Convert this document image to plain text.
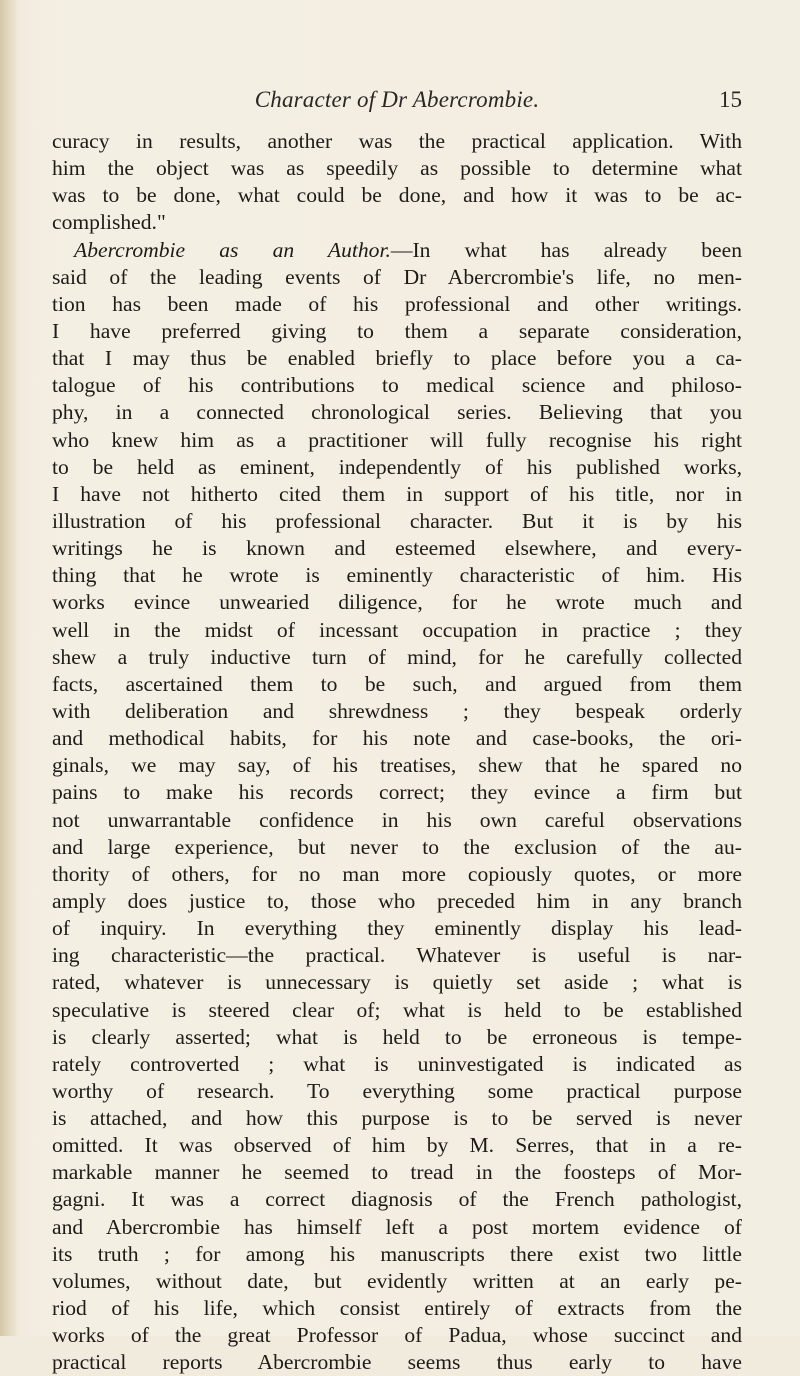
Character of Dr Abercrombie.	15
curacy in results, another was the practical application. With
him the object was as speedily as possible to determine what
was to be done, what could be done, and how it was to be ac-
complished."
Abercrombie as an Author.—In what has already been
said of the leading events of Dr Abercrombie's life, no men-
tion has been made of his professional and other writings.
I have preferred giving to them a separate consideration,
that I may thus be enabled briefly to place before you a ca-
talogue of his contributions to medical science and philoso-
phy, in a connected chronological series. Believing that you
who knew him as a practitioner will fully recognise his right
to be held as eminent, independently of his published works,
I have not hitherto cited them in support of his title, nor in
illustration of his professional character. But it is by his
writings he is known and esteemed elsewhere, and every-
thing that he wrote is eminently characteristic of him. His
works evince unwearied diligence, for he wrote much and
well in the midst of incessant occupation in practice ; they
shew a truly inductive turn of mind, for he carefully collected
facts, ascertained them to be such, and argued from them
with deliberation and shrewdness ; they bespeak orderly
and methodical habits, for his note and case-books, the ori-
ginals, we may say, of his treatises, shew that he spared no
pains to make his records correct; they evince a firm but
not unwarrantable confidence in his own careful observations
and large experience, but never to the exclusion of the au-
thority of others, for no man more copiously quotes, or more
amply does justice to, those who preceded him in any branch
of inquiry. In everything they eminently display his lead-
ing characteristic—the practical. Whatever is useful is nar-
rated, whatever is unnecessary is quietly set aside ; what is
speculative is steered clear of; what is held to be established
is clearly asserted; what is held to be erroneous is tempe-
rately controverted ; what is uninvestigated is indicated as
worthy of research. To everything some practical purpose
is attached, and how this purpose is to be served is never
omitted. It was observed of him by M. Serres, that in a re-
markable manner he seemed to tread in the foosteps of Mor-
gagni. It was a correct diagnosis of the French pathologist,
and Abercrombie has himself left a post mortem evidence of
its truth ; for among his manuscripts there exist two little
volumes, without date, but evidently written at an early pe-
riod of his life, which consist entirely of extracts from the
works of the great Professor of Padua, whose succinct and
practical reports Abercrombie seems thus early to have
